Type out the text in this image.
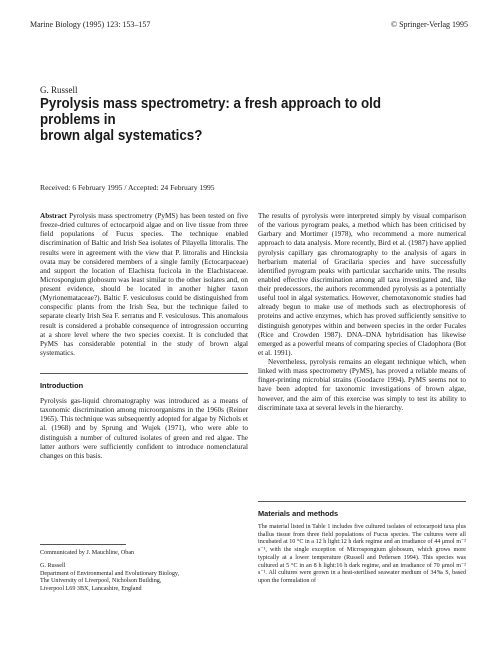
Marine Biology (1995) 123: 153–157	© Springer-Verlag 1995
G. Russell
Pyrolysis mass spectrometry: a fresh approach to old problems in
brown algal systematics?
Received: 6 February 1995 / Accepted: 24 February 1995

Abstract Pyrolysis mass spectrometry (PyMS) has been tested on five freeze-dried cultures of ectocarpoid algae and on live tissue from three field populations of Fucus species. The technique enabled discrimination of Baltic and Irish Sea isolates of Pilayella littoralis. The results were in agreement with the view that P. littoralis and Hincksia ovata may be considered members of a single family (Ectocarpaceae) and support the location of Elachista fucicola in the Elachistaceae. Microspongium globosum was least similar to the other isolates and, on present evidence, should be located in another higher taxon (Myrionemataceae?). Baltic F. vesiculosus could be distinguished from conspecific plants from the Irish Sea, but the technique failed to separate clearly Irish Sea F. serratus and F. vesiculosus. This anomalous result is considered a probable consequence of introgression occurring at a shore level where the two species coexist. It is concluded that PyMS has considerable potential in the study of brown algal systematics.

Introduction

Pyrolysis gas-liquid chromatography was introduced as a means of taxonomic discrimination among microorganisms in the 1960s (Reiner 1965). This technique was subsequently adopted for algae by Nichols et al. (1968) and by Sprung and Wujek (1971), who were able to distinguish a number of cultured isolates of green and red algae. The latter authors were sufficiently confident to introduce nomenclatural changes on this basis.

Communicated by J. Mauchline, Oban
G. Russell
Department of Environmental and Evolutionary Biology,
The University of Liverpool, Nicholson Building,
Liverpool L69 3BX, Lancashire, England

The results of pyrolysis were interpreted simply by visual comparison of the various pyrogram peaks, a method which has been criticised by Garbary and Mortimer (1978), who recommend a more numerical approach to data analysis. More recently, Bird et al. (1987) have applied pyrolysis capillary gas chromatography to the analysis of agars in herbarium material of Gracilaria species and have successfully identified pyrogram peaks with particular saccharide units. The results enabled effective discrimination among all taxa investigated and, like their predecessors, the authors recommended pyrolysis as a potentially useful tool in algal systematics. However, chemotaxonomic studies had already begun to make use of methods such as electrophoresis of proteins and active enzymes, which has proved sufficiently sensitive to distinguish genotypes within and between species in the order Fucales (Rice and Crowden 1987). DNA–DNA hybridisation has likewise emerged as a powerful means of comparing species of Cladophora (Bot et al. 1991).

Nevertheless, pyrolysis remains an elegant technique which, when linked with mass spectrometry (PyMS), has proved a reliable means of finger-printing microbial strains (Goodacre 1994). PyMS seems not to have been adopted for taxonomic investigations of brown algae, however, and the aim of this exercise was simply to test its ability to discriminate taxa at several levels in the hierarchy.

Materials and methods

The material listed in Table 1 includes five cultured isolates of ectocarpoid taxa plus thallus tissue from three field populations of Fucus species. The cultures were all incubated at 10 °C in a 12 h light:12 h dark regime and an irradiance of 44 μmol m⁻² s⁻¹, with the single exception of Microspongium globosum, which grows more typically at a lower temperature (Russell and Pedersen 1994). This species was cultured at 5 °C in an 8 h light:16 h dark regime, and an irradiance of 70 μmol m⁻² s⁻¹. All cultures were grown in a heat-sterilised seawater medium of 34‰ S, based upon the formulation of
